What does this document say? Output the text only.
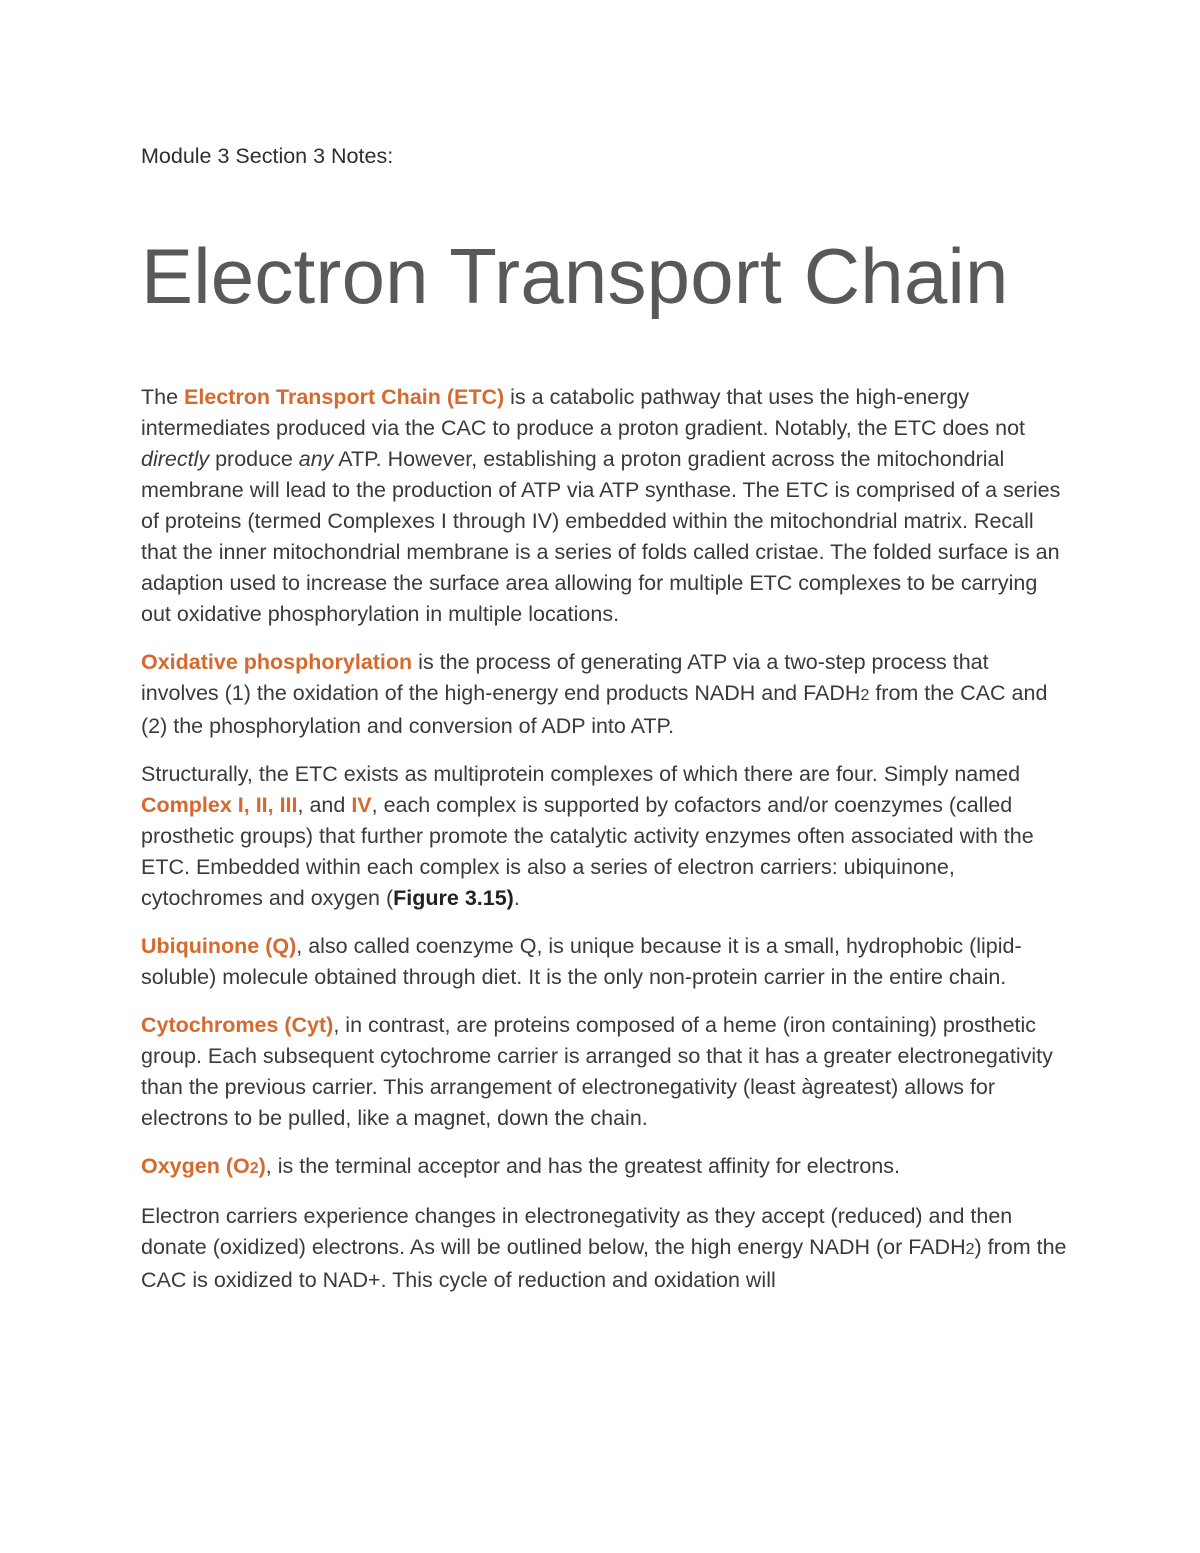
Module 3 Section 3 Notes:
Electron Transport Chain

The Electron Transport Chain (ETC) is a catabolic pathway that uses the high-energy intermediates produced via the CAC to produce a proton gradient. Notably, the ETC does not directly produce any ATP. However, establishing a proton gradient across the mitochondrial membrane will lead to the production of ATP via ATP synthase. The ETC is comprised of a series of proteins (termed Complexes I through IV) embedded within the mitochondrial matrix. Recall that the inner mitochondrial membrane is a series of folds called cristae. The folded surface is an adaption used to increase the surface area allowing for multiple ETC complexes to be carrying out oxidative phosphorylation in multiple locations.

Oxidative phosphorylation is the process of generating ATP via a two-step process that involves (1) the oxidation of the high-energy end products NADH and FADH2 from the CAC and (2) the phosphorylation and conversion of ADP into ATP.

Structurally, the ETC exists as multiprotein complexes of which there are four. Simply named Complex I, II, III, and IV, each complex is supported by cofactors and/or coenzymes (called prosthetic groups) that further promote the catalytic activity enzymes often associated with the ETC. Embedded within each complex is also a series of electron carriers: ubiquinone, cytochromes and oxygen (Figure 3.15).

Ubiquinone (Q), also called coenzyme Q, is unique because it is a small, hydrophobic (lipid-soluble) molecule obtained through diet. It is the only non-protein carrier in the entire chain.

Cytochromes (Cyt), in contrast, are proteins composed of a heme (iron containing) prosthetic group. Each subsequent cytochrome carrier is arranged so that it has a greater electronegativity than the previous carrier. This arrangement of electronegativity (least àgreatest) allows for electrons to be pulled, like a magnet, down the chain.

Oxygen (O2), is the terminal acceptor and has the greatest affinity for electrons.

Electron carriers experience changes in electronegativity as they accept (reduced) and then donate (oxidized) electrons. As will be outlined below, the high energy NADH (or FADH2) from the CAC is oxidized to NAD+. This cycle of reduction and oxidation will
